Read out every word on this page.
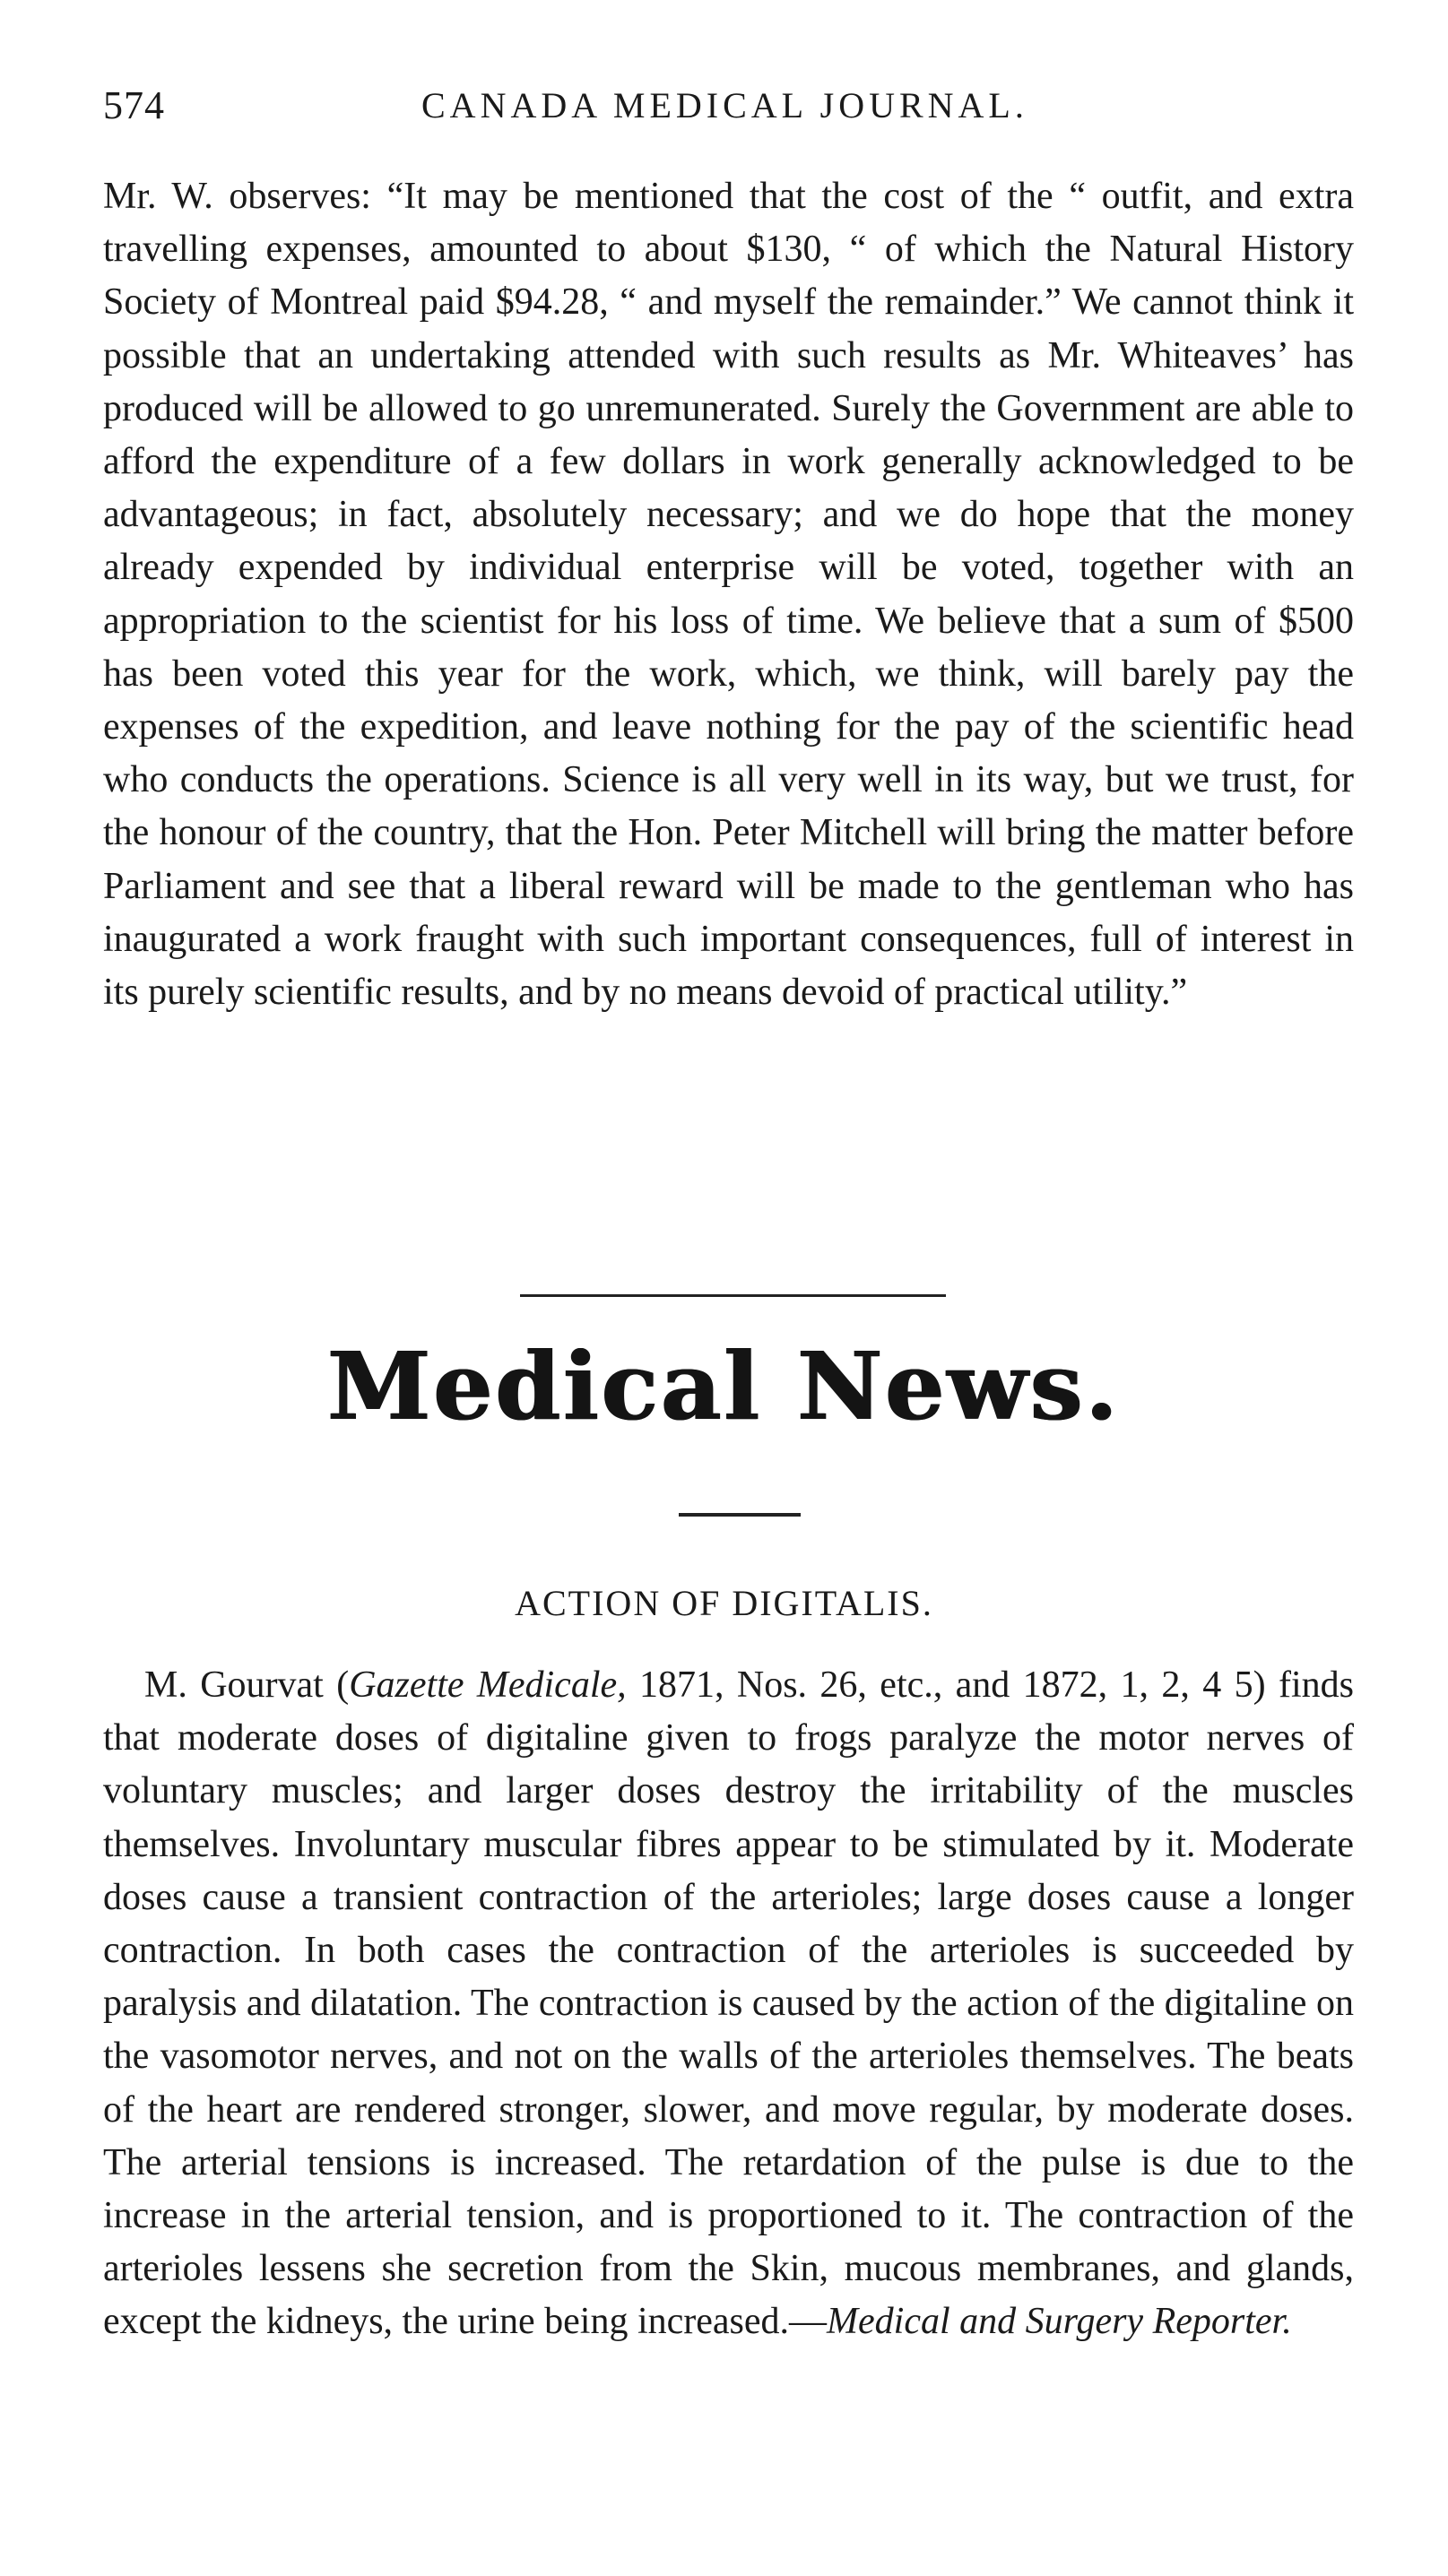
574	CANADA MEDICAL JOURNAL.

Mr. W. observes: “It may be mentioned that the cost of the “ outfit, and extra travelling expenses, amounted to about $130, “ of which the Natural History Society of Montreal paid $94.28, “ and myself the remainder.” We cannot think it possible that an undertaking attended with such results as Mr. Whiteaves’ has produced will be allowed to go unremunerated. Surely the Government are able to afford the expenditure of a few dollars in work generally acknowledged to be advantageous; in fact, absolutely necessary; and we do hope that the money already expended by individual enterprise will be voted, together with an appropriation to the scientist for his loss of time. We believe that a sum of $500 has been voted this year for the work, which, we think, will barely pay the expenses of the expedition, and leave nothing for the pay of the scientific head who conducts the operations. Science is all very well in its way, but we trust, for the honour of the country, that the Hon. Peter Mitchell will bring the matter before Parliament and see that a liberal reward will be made to the gentleman who has inaugurated a work fraught with such important consequences, full of interest in its purely scientific results, and by no means devoid of practical utility.”

Medical News.
ACTION OF DIGITALIS.

M. Gourvat (Gazette Medicale, 1871, Nos. 26, etc., and 1872, 1, 2, 4 5) finds that moderate doses of digitaline given to frogs paralyze the motor nerves of voluntary muscles; and larger doses destroy the irritability of the muscles themselves. Involuntary muscular fibres appear to be stimulated by it. Moderate doses cause a transient contraction of the arterioles; large doses cause a longer contraction. In both cases the contraction of the arterioles is succeeded by paralysis and dilatation. The contraction is caused by the action of the digitaline on the vasomotor nerves, and not on the walls of the arterioles themselves. The beats of the heart are rendered stronger, slower, and move regular, by moderate doses. The arterial tensions is increased. The retardation of the pulse is due to the increase in the arterial tension, and is proportioned to it. The contraction of the arterioles lessens she secretion from the Skin, mucous membranes, and glands, except the kidneys, the urine being increased.—Medical and Surgery Reporter.
